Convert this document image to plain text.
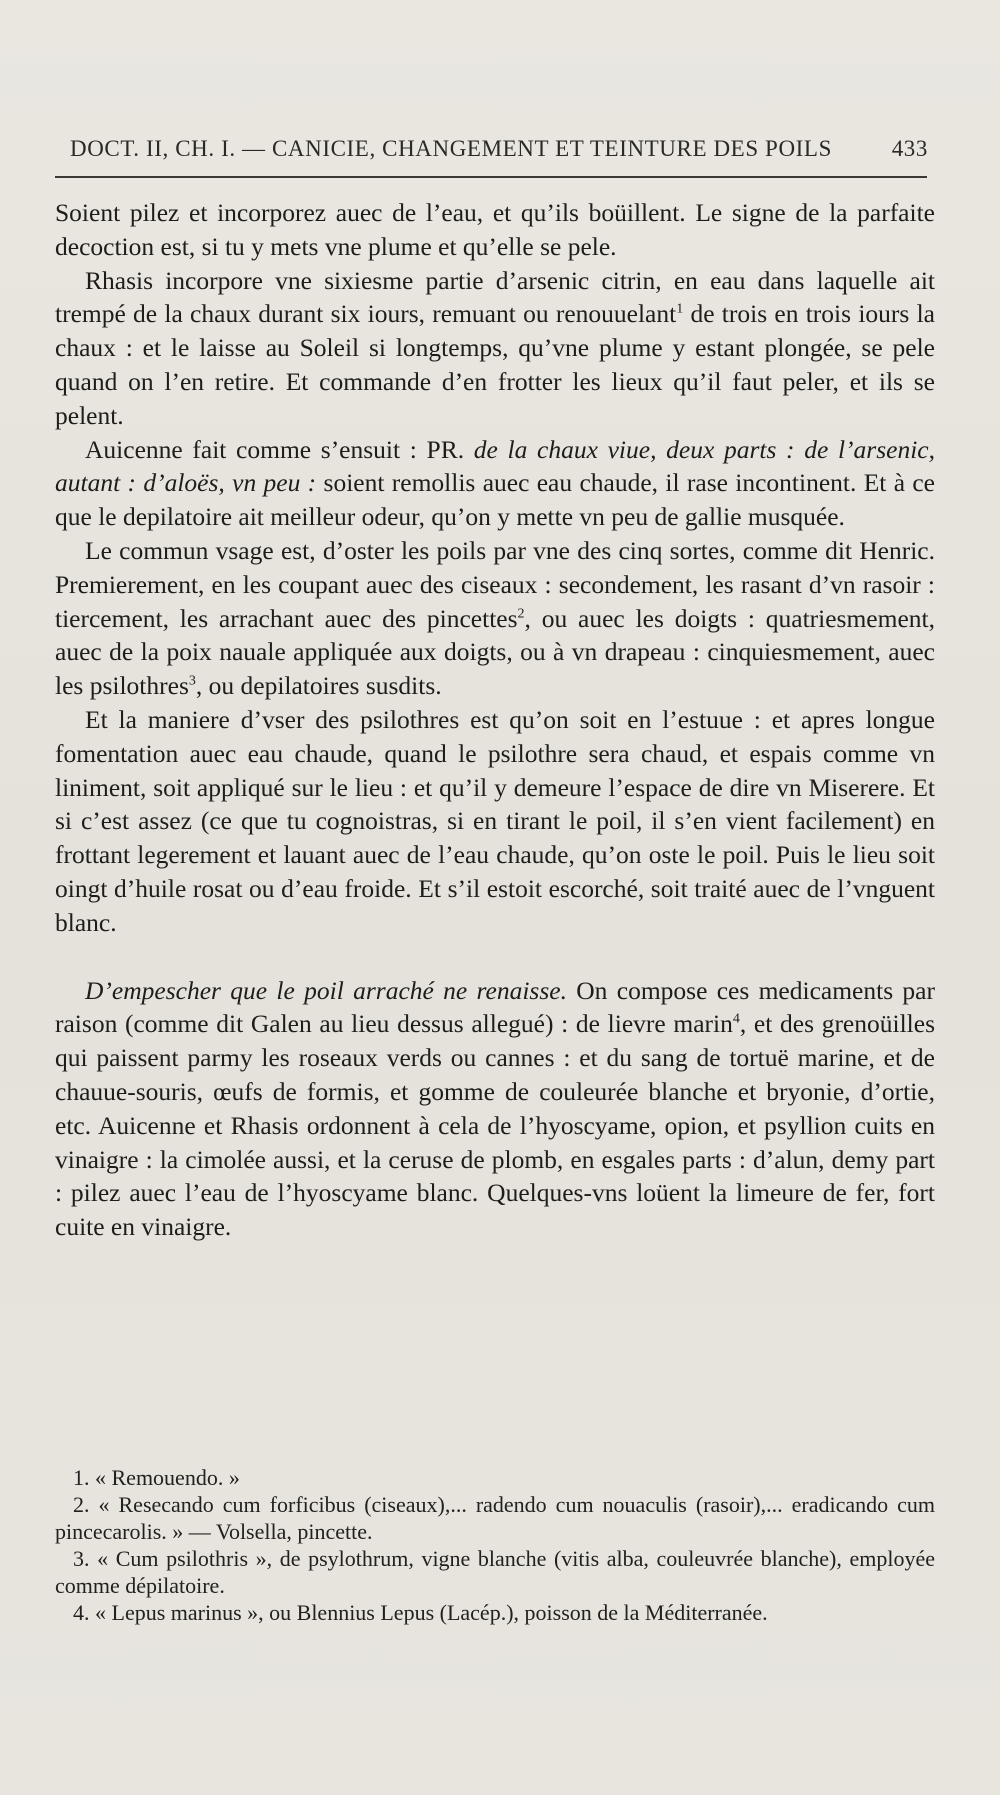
DOCT. II, CH. I. — CANICIE, CHANGEMENT ET TEINTURE DES POILS	433

Soient pilez et incorporez auec de l’eau, et qu’ils boüillent. Le signe de la parfaite decoction est, si tu y mets vne plume et qu’elle se pele.

Rhasis incorpore vne sixiesme partie d’arsenic citrin, en eau dans laquelle ait trempé de la chaux durant six iours, remuant ou renouuelant$^1$ de trois en trois iours la chaux : et le laisse au Soleil si longtemps, qu’vne plume y estant plongée, se pele quand on l’en retire. Et commande d’en frotter les lieux qu’il faut peler, et ils se pelent.

Auicenne fait comme s’ensuit : PR. de la chaux viue, deux parts : de l’arsenic, autant : d’aloës, vn peu : soient remollis auec eau chaude, il rase incontinent. Et à ce que le depilatoire ait meilleur odeur, qu’on y mette vn peu de gallie musquée.

Le commun vsage est, d’oster les poils par vne des cinq sortes, comme dit Henric. Premierement, en les coupant auec des ciseaux : secondement, les rasant d’vn rasoir : tiercement, les arrachant auec des pincettes$^2$, ou auec les doigts : quatriesmement, auec de la poix nauale appliquée aux doigts, ou à vn drapeau : cinquiesmement, auec les psilothres$^3$, ou depilatoires susdits.

Et la maniere d’vser des psilothres est qu’on soit en l’estuue : et apres longue fomentation auec eau chaude, quand le psilothre sera chaud, et espais comme vn liniment, soit appliqué sur le lieu : et qu’il y demeure l’espace de dire vn Miserere. Et si c’est assez (ce que tu cognoistras, si en tirant le poil, il s’en vient facilement) en frottant legerement et lauant auec de l’eau chaude, qu’on oste le poil. Puis le lieu soit oingt d’huile rosat ou d’eau froide. Et s’il estoit escorché, soit traité auec de l’vnguent blanc.

D’empescher que le poil arraché ne renaisse. On compose ces medicaments par raison (comme dit Galen au lieu dessus allegué) : de lievre marin$^4$, et des grenoüilles qui paissent parmy les roseaux verds ou cannes : et du sang de tortuë marine, et de chauue-souris, œufs de formis, et gomme de couleurée blanche et bryonie, d’ortie, etc. Auicenne et Rhasis ordonnent à cela de l’hyoscyame, opion, et psyllion cuits en vinaigre : la cimolée aussi, et la ceruse de plomb, en esgales parts : d’alun, demy part : pilez auec l’eau de l’hyoscyame blanc. Quelques-vns loüent la limeure de fer, fort cuite en vinaigre.

1. « Remouendo. »

2. « Resecando cum forficibus (ciseaux),... radendo cum nouaculis (rasoir),... eradicando cum pincecarolis. » — Volsella, pincette.

3. « Cum psilothris », de psylothrum, vigne blanche (vitis alba, couleuvrée blanche), employée comme dépilatoire.

4. « Lepus marinus », ou Blennius Lepus (Lacép.), poisson de la Méditerranée.
